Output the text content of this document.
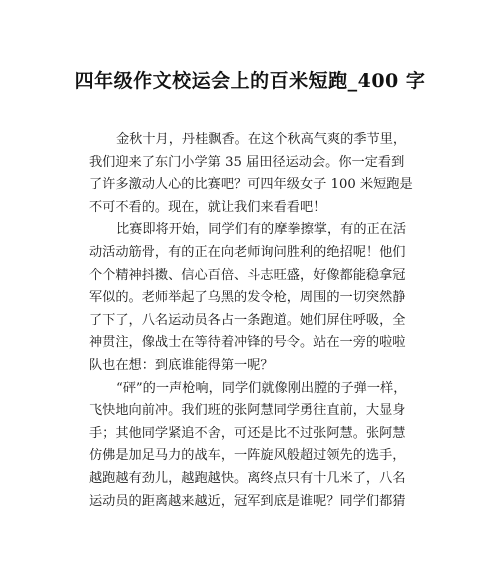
四年级作文校运会上的百米短跑_400 字
金秋十月，丹桂飘香。在这个秋高气爽的季节里，
我们迎来了东门小学第 35 届田径运动会。你一定看到
了许多激动人心的比赛吧？可四年级女子 100 米短跑是
不可不看的。现在，就让我们来看看吧！
比赛即将开始，同学们有的摩拳擦掌，有的正在活
动活动筋骨，有的正在向老师询问胜利的绝招呢！他们
个个精神抖擞、信心百倍、斗志旺盛，好像都能稳拿冠
军似的。老师举起了乌黑的发令枪，周围的一切突然静
了下了，八名运动员各占一条跑道。她们屏住呼吸，全
神贯注，像战士在等待着冲锋的号令。站在一旁的啦啦
队也在想：到底谁能得第一呢？
“砰”的一声枪响，同学们就像刚出膛的子弹一样，
飞快地向前冲。我们班的张阿慧同学勇往直前，大显身
手；其他同学紧追不舍，可还是比不过张阿慧。张阿慧
仿佛是加足马力的战车，一阵旋风般超过领先的选手，
越跑越有劲儿，越跑越快。离终点只有十几米了，八名
运动员的距离越来越近，冠军到底是谁呢？同学们都猜
